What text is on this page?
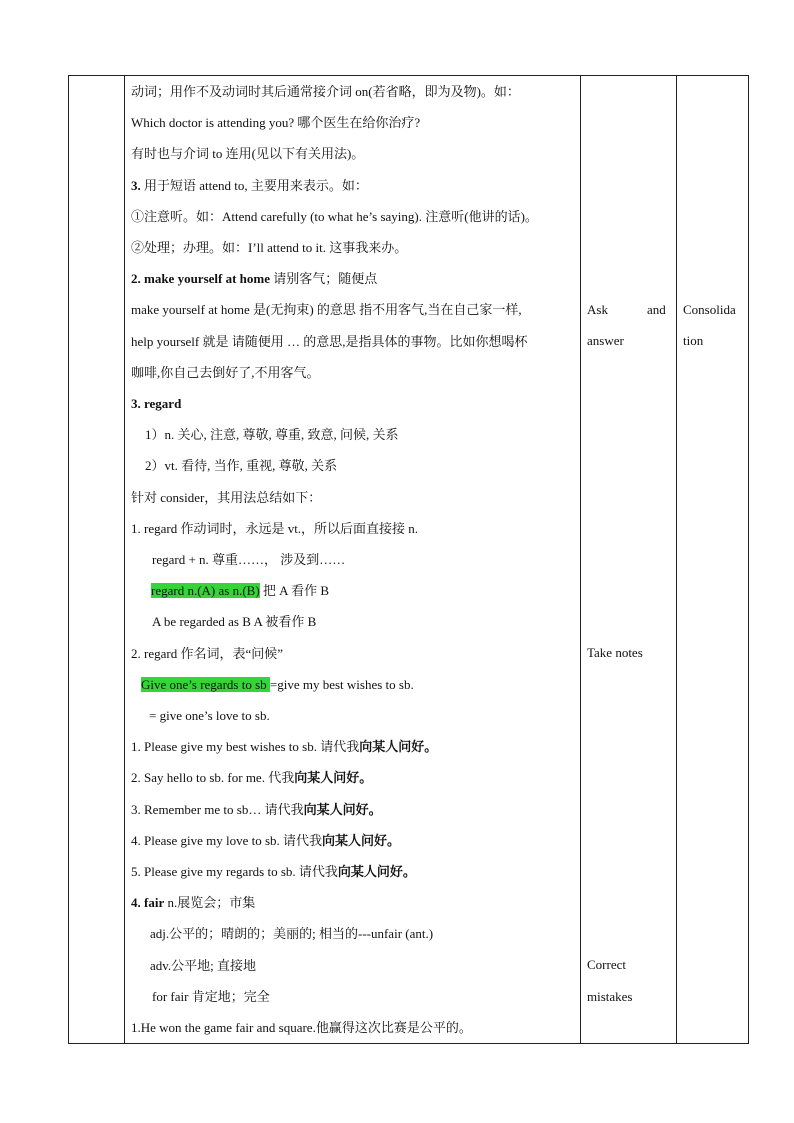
动词；用作不及动词时其后通常接介词 on(若省略，即为及物)。如：
Which doctor is attending you? 哪个医生在给你治疗?
有时也与介词 to 连用(见以下有关用法)。
3. 用于短语 attend to, 主要用来表示。如：
①注意听。如：Attend carefully (to what he’s saying). 注意听(他讲的话)。
②处理；办理。如：I’ll attend to it. 这事我来办。
2. make yourself at home 请别客气；随便点
make yourself at home 是(无拘束) 的意思 指不用客气,当在自己家一样,
help yourself 就是 请随便用 … 的意思,是指具体的事物。比如你想喝杯
咖啡,你自己去倒好了,不用客气。
3. regard
1）n. 关心, 注意, 尊敬, 尊重, 致意, 问候, 关系
2）vt. 看待, 当作, 重视, 尊敬, 关系
针对 consider，其用法总结如下：
1. regard 作动词时，永远是 vt.，所以后面直接接 n.
regard + n. 尊重……， 涉及到……
regard n.(A) as n.(B) 把 A 看作 B
A be regarded as B A 被看作 B
2. regard 作名词，表“问候”
Give one’s regards to sb =give my best wishes to sb.
= give one’s love to sb.
1. Please give my best wishes to sb. 请代我向某人问好。
2. Say hello to sb. for me. 代我向某人问好。
3. Remember me to sb… 请代我向某人问好。
4. Please give my love to sb. 请代我向某人问好。
5. Please give my regards to sb. 请代我向某人问好。
4. fair n.展览会；市集
adj.公平的；晴朗的；美丽的; 相当的---unfair (ant.)
adv.公平地; 直接地
for fair 肯定地；完全
1.He won the game fair and square.他赢得这次比赛是公平的。
Ask	and
answer
Take notes
Correct
mistakes
Consolida
tion
